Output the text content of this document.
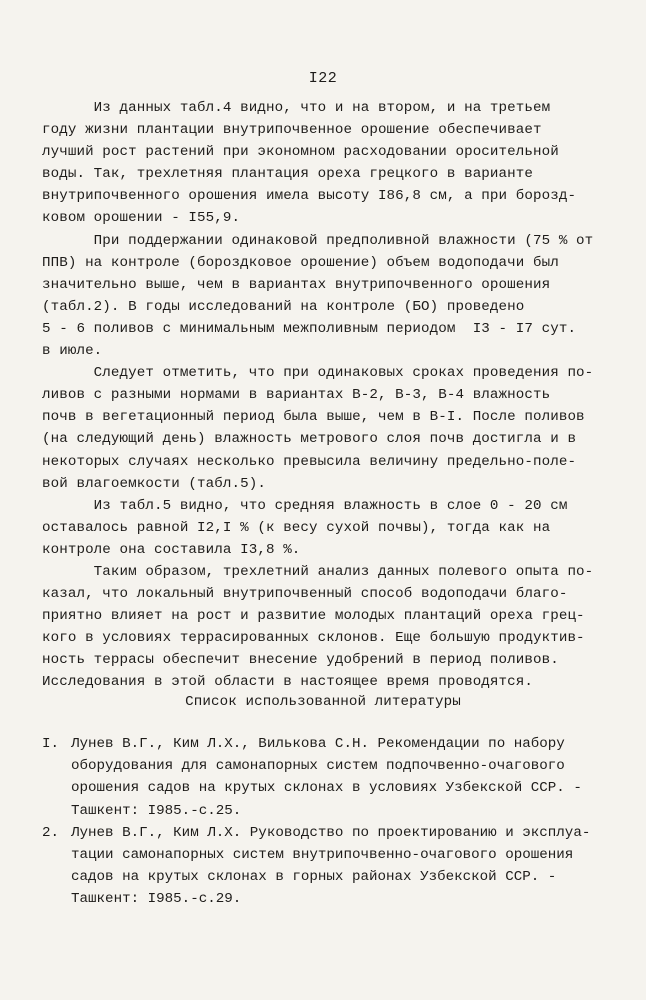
I22
Из данных табл.4 видно, что и на втором, и на третьем
году жизни плантации внутрипочвенное орошение обеспечивает
лучший рост растений при экономном расходовании оросительной
воды. Так, трехлетняя плантация ореха грецкого в варианте
внутрипочвенного орошения имела высоту I86,8 см, а при борозд-
ковом орошении - I55,9.
При поддержании одинаковой предполивной влажности (75 % от
ППВ) на контроле (бороздковое орошение) объем водоподачи был
значительно выше, чем в вариантах внутрипочвенного орошения
(табл.2). В годы исследований на контроле (БО) проведено
5 - 6 поливов с минимальным межполивным периодом  I3 - I7 сут.
в июле.
Следует отметить, что при одинаковых сроках проведения по-
ливов с разными нормами в вариантах В-2, В-3, В-4 влажность
почв в вегетационный период была выше, чем в В-I. После поливов
(на следующий день) влажность метрового слоя почв достигла и в
некоторых случаях несколько превысила величину предельно-поле-
вой влагоемкости (табл.5).
Из табл.5 видно, что средняя влажность в слое 0 - 20 см
оставалось равной I2,I % (к весу сухой почвы), тогда как на
контроле она составила I3,8 %.
Таким образом, трехлетний анализ данных полевого опыта по-
казал, что локальный внутрипочвенный способ водоподачи благо-
приятно влияет на рост и развитие молодых плантаций ореха грец-
кого в условиях террасированных склонов. Еще большую продуктив-
ность террасы обеспечит внесение удобрений в период поливов.
Исследования в этой области в настоящее время проводятся.
Список использованной литературы
I. Лунев В.Г., Ким Л.Х., Вилькова С.Н. Рекомендации по набору
оборудования для самонапорных систем подпочвенно-очагового
орошения садов на крутых склонах в условиях Узбекской ССР. -
Ташкент: I985.-с.25.
2. Лунев В.Г., Ким Л.Х. Руководство по проектированию и эксплуа-
тации самонапорных систем внутрипочвенно-очагового орошения
садов на крутых склонах в горных районах Узбекской ССР. -
Ташкент: I985.-с.29.
